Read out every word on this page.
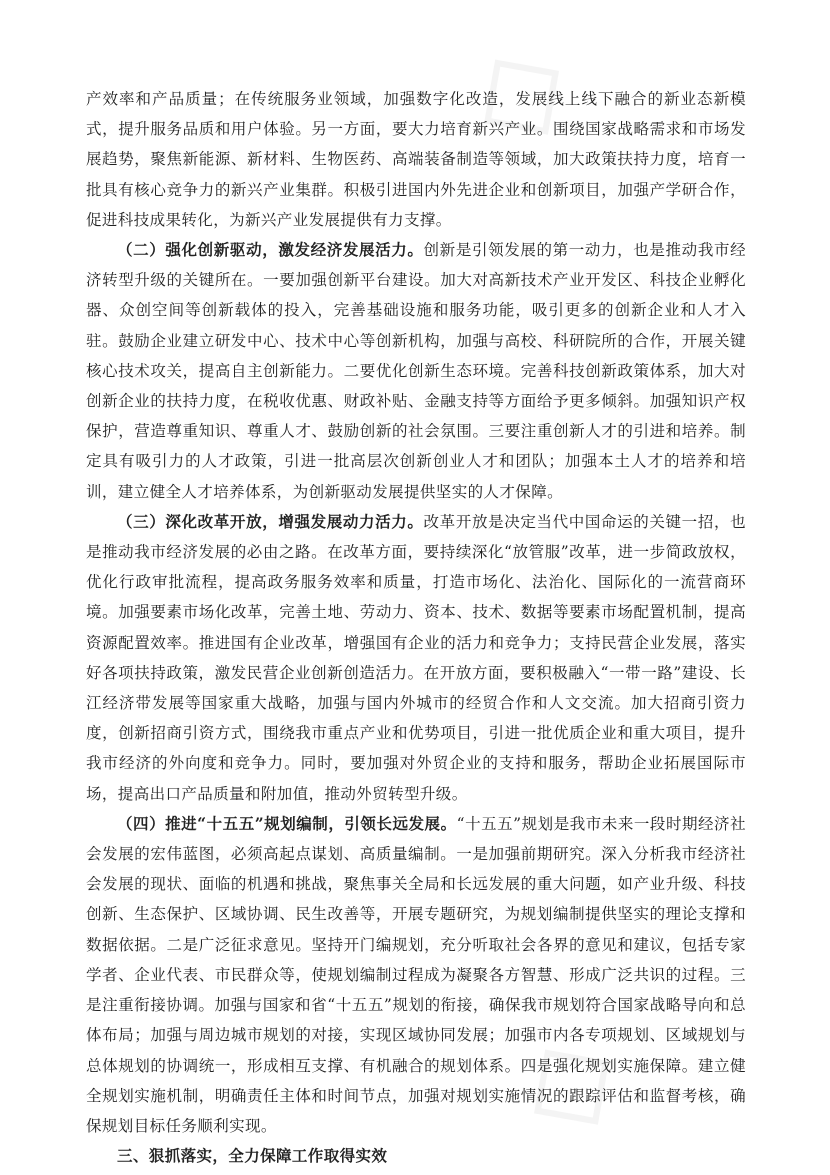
产效率和产品质量；在传统服务业领域，加强数字化改造，发展线上线下融合的新业态新模式，提升服务品质和用户体验。另一方面，要大力培育新兴产业。围绕国家战略需求和市场发展趋势，聚焦新能源、新材料、生物医药、高端装备制造等领域，加大政策扶持力度，培育一批具有核心竞争力的新兴产业集群。积极引进国内外先进企业和创新项目，加强产学研合作，促进科技成果转化，为新兴产业发展提供有力支撑。

（二）强化创新驱动，激发经济发展活力。创新是引领发展的第一动力，也是推动我市经济转型升级的关键所在。一要加强创新平台建设。加大对高新技术产业开发区、科技企业孵化器、众创空间等创新载体的投入，完善基础设施和服务功能，吸引更多的创新企业和人才入驻。鼓励企业建立研发中心、技术中心等创新机构，加强与高校、科研院所的合作，开展关键核心技术攻关，提高自主创新能力。二要优化创新生态环境。完善科技创新政策体系，加大对创新企业的扶持力度，在税收优惠、财政补贴、金融支持等方面给予更多倾斜。加强知识产权保护，营造尊重知识、尊重人才、鼓励创新的社会氛围。三要注重创新人才的引进和培养。制定具有吸引力的人才政策，引进一批高层次创新创业人才和团队；加强本土人才的培养和培训，建立健全人才培养体系，为创新驱动发展提供坚实的人才保障。

（三）深化改革开放，增强发展动力活力。改革开放是决定当代中国命运的关键一招，也是推动我市经济发展的必由之路。在改革方面，要持续深化“放管服”改革，进一步简政放权，优化行政审批流程，提高政务服务效率和质量，打造市场化、法治化、国际化的一流营商环境。加强要素市场化改革，完善土地、劳动力、资本、技术、数据等要素市场配置机制，提高资源配置效率。推进国有企业改革，增强国有企业的活力和竞争力；支持民营企业发展，落实好各项扶持政策，激发民营企业创新创造活力。在开放方面，要积极融入“一带一路”建设、长江经济带发展等国家重大战略，加强与国内外城市的经贸合作和人文交流。加大招商引资力度，创新招商引资方式，围绕我市重点产业和优势项目，引进一批优质企业和重大项目，提升我市经济的外向度和竞争力。同时，要加强对外贸企业的支持和服务，帮助企业拓展国际市场，提高出口产品质量和附加值，推动外贸转型升级。

（四）推进“十五五”规划编制，引领长远发展。“十五五”规划是我市未来一段时期经济社会发展的宏伟蓝图，必须高起点谋划、高质量编制。一是加强前期研究。深入分析我市经济社会发展的现状、面临的机遇和挑战，聚焦事关全局和长远发展的重大问题，如产业升级、科技创新、生态保护、区域协调、民生改善等，开展专题研究，为规划编制提供坚实的理论支撑和数据依据。二是广泛征求意见。坚持开门编规划，充分听取社会各界的意见和建议，包括专家学者、企业代表、市民群众等，使规划编制过程成为凝聚各方智慧、形成广泛共识的过程。三是注重衔接协调。加强与国家和省“十五五”规划的衔接，确保我市规划符合国家战略导向和总体布局；加强与周边城市规划的对接，实现区域协同发展；加强市内各专项规划、区域规划与总体规划的协调统一，形成相互支撑、有机融合的规划体系。四是强化规划实施保障。建立健全规划实施机制，明确责任主体和时间节点，加强对规划实施情况的跟踪评估和监督考核，确保规划目标任务顺利实现。

三、狠抓落实，全力保障工作取得实效
